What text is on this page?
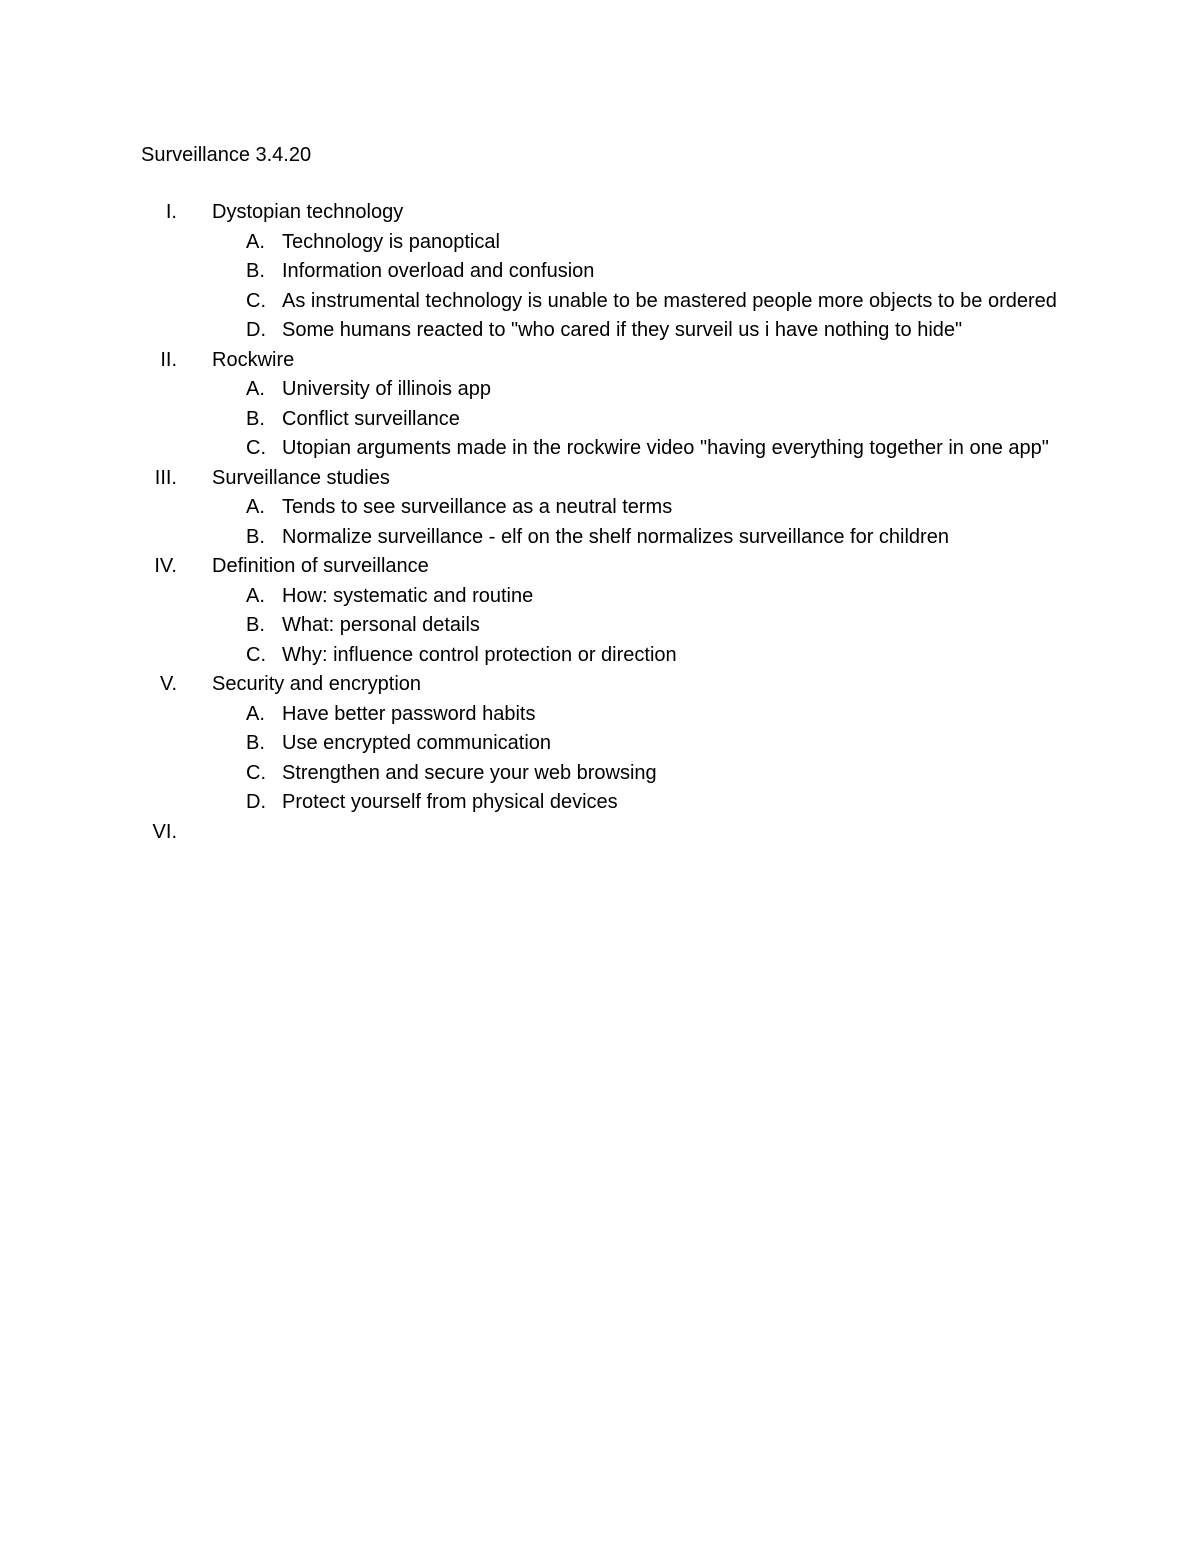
Surveillance 3.4.20
I. Dystopian technology
A. Technology is panoptical
B. Information overload and confusion
C. As instrumental technology is unable to be mastered people more objects to be ordered
D. Some humans reacted to "who cared if they surveil us i have nothing to hide"
II. Rockwire
A. University of illinois app
B. Conflict surveillance
C. Utopian arguments made in the rockwire video "having everything together in one app"
III. Surveillance studies
A. Tends to see surveillance as a neutral terms
B. Normalize surveillance - elf on the shelf normalizes surveillance for children
IV. Definition of surveillance
A. How: systematic and routine
B. What: personal details
C. Why: influence control protection or direction
V. Security and encryption
A. Have better password habits
B. Use encrypted communication
C. Strengthen and secure your web browsing
D. Protect yourself from physical devices
VI.
